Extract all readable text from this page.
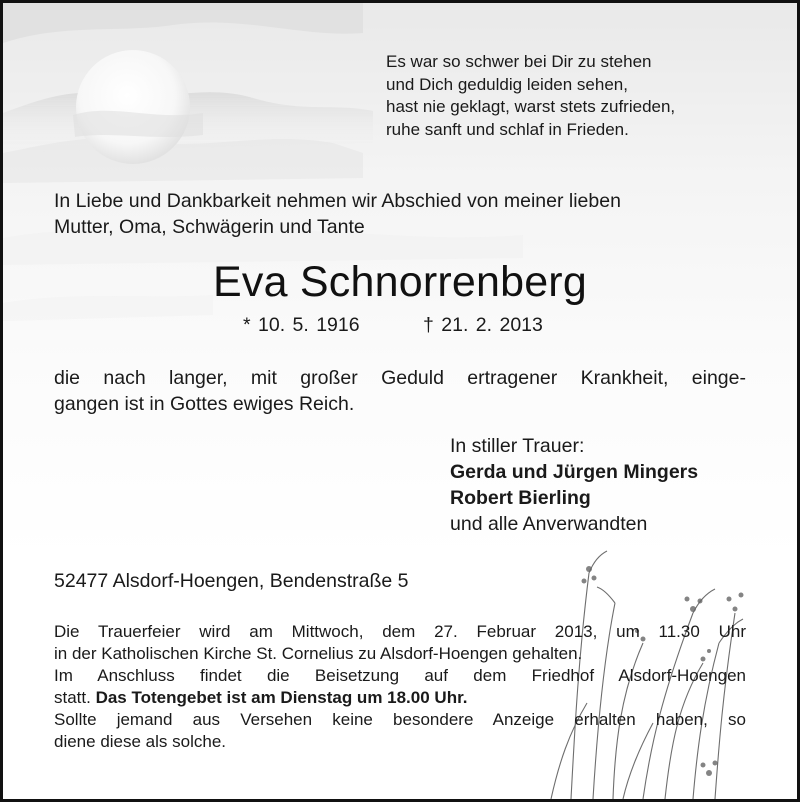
Es war so schwer bei Dir zu stehen
und Dich geduldig leiden sehen,
hast nie geklagt, warst stets zufrieden,
ruhe sanft und schlaf in Frieden.
In Liebe und Dankbarkeit nehmen wir Abschied von meiner lieben
Mutter, Oma, Schwägerin und Tante
Eva Schnorrenberg
* 10. 5. 1916	† 21. 2. 2013
die nach langer, mit großer Geduld ertragener Krankheit, einge-
gangen ist in Gottes ewiges Reich.
In stiller Trauer:
Gerda und Jürgen Mingers
Robert Bierling
und alle Anverwandten
52477 Alsdorf-Hoengen, Bendenstraße 5
Die Trauerfeier wird am Mittwoch, dem 27. Februar 2013, um 11.30 Uhr
in der Katholischen Kirche St. Cornelius zu Alsdorf-Hoengen gehalten.
Im Anschluss findet die Beisetzung auf dem Friedhof Alsdorf-Hoengen
statt. Das Totengebet ist am Dienstag um 18.00 Uhr.
Sollte jemand aus Versehen keine besondere Anzeige erhalten haben, so
diene diese als solche.
